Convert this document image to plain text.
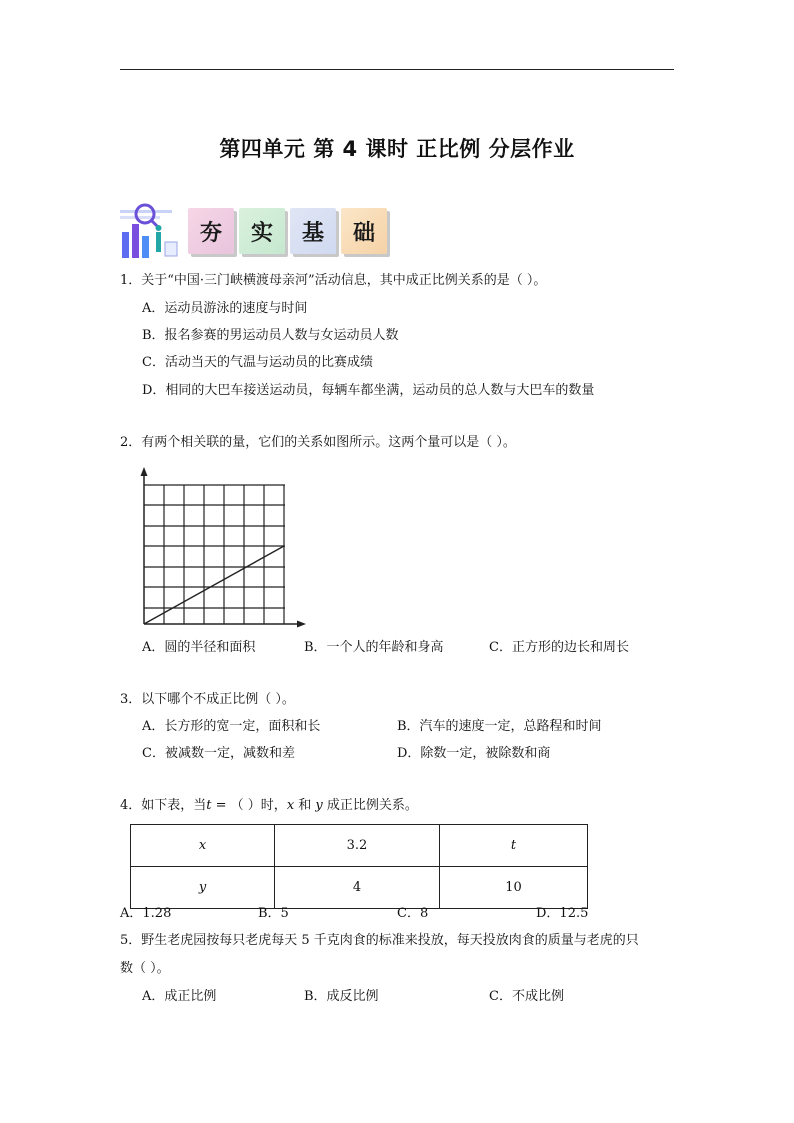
第四单元 第 4 课时 正比例 分层作业
夯	实	基	础
1．关于“中国·三门峡横渡母亲河”活动信息，其中成正比例关系的是（ ）。
A．运动员游泳的速度与时间
B．报名参赛的男运动员人数与女运动员人数
C．活动当天的气温与运动员的比赛成绩
D．相同的大巴车接送运动员，每辆车都坐满，运动员的总人数与大巴车的数量
2．有两个相关联的量，它们的关系如图所示。这两个量可以是（ ）。
A．圆的半径和面积	B．一个人的年龄和身高	C．正方形的边长和周长
3．以下哪个不成正比例（ ）。
A．长方形的宽一定，面积和长	B．汽车的速度一定，总路程和时间
C．被减数一定，减数和差	D．除数一定，被除数和商
4．如下表，当t = （ ）时，x 和 y 成正比例关系。
x	3.2	t
y	4	10
A．1.28	B．5	C．8	D．12.5
5．野生老虎园按每只老虎每天 5 千克肉食的标准来投放，每天投放肉食的质量与老虎的只
数（ ）。
A．成正比例	B．成反比例	C．不成比例
